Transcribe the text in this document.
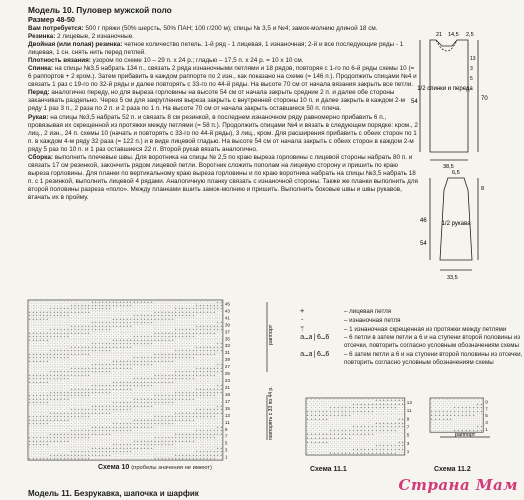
Модель 10. Пуловер мужской поло
Размер 48-50

Вам потребуется: 500 г пряжи (50% шерсть, 50% ПАН; 100 г/200 м); спицы № 3,5 и №4; замок-молнию длиной 18 см.

Резинка: 2 лицевые, 2 изнаночные.

Двойная (или полая) резинка: четное количество петель. 1-й ряд - 1 лицевая, 1 изнаночная; 2-й и все последующие ряды - 1 лицевая, 1 сн. снять нить перед петлей.

Плотность вязания: узором по схеме 10 – 29 п. x 24 р.; гладью – 17,5 п. x 24 р. = 10 x 10 см.

Спинка: на спицы №3,5 набрать 134 п., связать 2 ряда изнаночными петлями и 18 рядов, повторяя с 1-го по 6-й ряды схемы 10 (= 6 раппортов + 2 кром.). Затем прибавить в каждом раппорте по 2 изн., как показано на схеме (= 146 п.). Продолжить спицами №4 и связать 1 раз с 19-го по 32-й ряды и далее повторять с 33-го по 44-й ряды. На высоте 70 см от начала вязания закрыть все петли.

Перед: аналогично переду, но для выреза горловины на высоте 54 см от начала закрыть средние 2 п. и далее обе стороны заканчивать раздельно. Через 5 см для закругления выреза закрыть с внутренней стороны 10 п. и далее закрыть в каждом 2-м ряду 1 раз 3 п., 2 раза по 2 п. и 2 раза по 1 п. На высоте 70 см от начала закрыть оставшиеся 50 п. плеча.

Рукав: на спицы №3,5 набрать 52 п. и связать 8 см резинкой, в последнем изнаночном ряду равномерно прибавить 6 п., провязывая их скрещенной из протяжки между петлями (= 58 п.). Продолжить спицами №4 и вязать в следующем порядке: кром., 2 лиц., 2 изн., 24 п. схемы 10 (начать и повторять с 33-го по 44-й ряды), 3 лиц., кром. Для расширения прибавить с обеих сторон по 1 п. в каждом 4-м ряду 32 раза (= 122 п.) и в виде лицевой гладью. На высоте 54 см от начала закрыть с обеих сторон в каждом 2-м ряду 5 раз по 10 п. и 1 раз оставшиеся 22 п. Второй рукав вязать аналогично.

Сборка: выполнить плечевые швы. Для воротника на спицы № 2,5 по краю выреза горловины с лицевой стороны набрать 80 п. и связать 17 см резинкой, закончить рядом лицевой петли. Воротник сложить пополам на лицевую сторону и пришить по краю выреза горловины. Для планки по вертикальному краю выреза горловины и по краю воротника набрать на спицы №3,5 набрать 18 п. с 1 резинкой, выполнить лицевой 4 рядами. Аналогичную планку связать с изнаночной стороны. Также же планки выполнить для второй половины разреза «поло». Между планками вшить замок-молнию и пришить. Выполнить боковые швы и швы рукавов, втачать их в пройму.

1/2 спинки и переда
21 14,5 2,5
54	70
13
3
5
38,5
1/2 рукава
6,5
46
54
8
33,5
· · · · · · · · · · · · · · · · · · + + + + + + + + + + + + + + + + + + · · · · · · · · · · · · · · · · · · + +
· · · · · · · · · · · · + + + + + + + + + + + + + + + + + + · · · · · · · · · · · · · · · · · · + + + + + + + +
· · · · · · + + + + + + + + + + + + + + + + + + · · · · · · · · · · · · · · · · · · + + + + + + + + + + + + + +
+ + + + + + + + + + + + + + + + + + · · · · · · · · · · · · · · · · · · + + + + + + + + + + + + + + + + + + · ·
+ + + + + + + + + + + + · · · · · · · · · · · · · · · · · · + + + + + + + + + + + + + + + + + + · · · · · · · ·
+ + + + + + · · · · · · · · · · · · · · · · · · + + + + + + + + + + + + + + + + + + · · · · · · · · · · · · · ·
· · · · · · · · · · · · · · · · · · + + + + + + + + + + + + + + + + + + · · · · · · · · · · · · · · · · · · + +
· · · · · · · · · · · · + + + + + + + + + + + + + + + + + + · · · · · · · · · · · · · · · · · · + + + + + + + +
· · · · · · + + + + + + + + + + + + + + + + + + · · · · · · · · · · · · · · · · · · + + + + + + + + + + + + + +
+ + + + + + + + + + + + + + + + + + · · · · · · · · · · · · · · · · · · + + + + + + + + + + + + + + + + + + · ·
+ + + + + + + + + + + + · · · · · · · · · · · · · · · · · · + + + + + + + + + + + + + + + + + + · · · · · · · ·
+ + + + + + · · · · · · · · · · · · · · · · · · + + + + + + + + + + + + + + + + + + · · · · · · · · · · · · · ·
· · · · · · · · · · · · · · · · · · + + + + + + + + + + + + + + + + + + · · · · · · · · · · · · · · · · · · + +
· · · · · · · · · · · · + + + + + + + + + + + + + + + + + + · · · · · · · · · · · · · · · · · · + + + + + + + +
· · · · · · + + + + + + + + + + + + + + + + + + · · · · · · · · · · · · · · · · · · + + + + + + + + + + + + + +
+ + + + + + + + + + + + + + + + + + · · · · · · · · · · · · · · · · · · + + + + + + + + + + + + + + + + + + · ·
+ + + + + + + + + + + + · · · · · · · · · · · · · · · · · · + + + + + + + + + + + + + + + + + + · · · · · · · ·
+ + + + + + · · · · · · · · · · · · · · · · · · + + + + + + + + + + + + + + + + + + · · · · · · · · · · · · · ·
· · · · · · · · · · · · · · · · · · + + + + + + + + + + + + + + + + + + · · · · · · · · · · · · · · · · · · + +
· · · · · · · · · · · · + + + + + + + + + + + + + + + + + + · · · · · · · · · · · · · · · · · · + + + + + + + +
· · · · · · + + + + + + + + + + + + + + + + + + · · · · · · · · · · · · · · · · · · + + + + + + + + + + + + + +
+ + + + + + + + + + + + + + + + + + · · · · · · · · · · · · · · · · · · + + + + + + + + + + + + + + + + + + · ·
+ + + + + + + + + + + + · · · · · · · · · · · · · · · · · · + + + + + + + + + + + + + + + + + + · · · · · · · ·
+ + + + + + · · · · · · · · · · · · · · · · · · + + + + + + + + + + + + + + + + + + · · · · · · · · · · · · · ·
· · · · · · · · · · · · · · · · · · + + + + + + + + + + + + + + + + + + · · · · · · · · · · · · · · · · · · + +
· · · · · · · · · · · · + + + + + + + + + + + + + + + + + + · · · · · · · · · · · · · · · · · · + + + + + + + +
· · · · · · + + + + + + + + + + + + + + + + + + · · · · · · · · · · · · · · · · · · + + + + + + + + + + + + + +
+ + + + + + + + + + + + + + + + + + · · · · · · · · · · · · · · · · · · + + + + + + + + + + + + + + + + + + · ·
+ + + + + + + + + + + + · · · · · · · · · · · · · · · · · · + + + + + + + + + + + + + + + + + + · · · · · · · ·
+ + + + + + · · · · · · · · · · · · · · · · · · + + + + + + + + + + + + + + + + + + · · · · · · · · · · · · · ·
· · · · · · · · · · · · · · · · · · + + + + + + + + + + + + + + + + + + · · · · · · · · · · · · · · · · · · + +
· · · · · · · · · · · · + + + + + + + + + + + + + + + + + + · · · · · · · · · · · · · · · · · · + + + + + + + +
· · · · · · + + + + + + + + + + + + + + + + + + · · · · · · · · · · · · · · · · · · + + + + + + + + + + + + + +
+ + + + + + + + + + + + + + + + + + · · · · · · · · · · · · · · · · · · + + + + + + + + + + + + + + + + + + · ·
+ + + + + + + + + + + + · · · · · · · · · · · · · · · · · · + + + + + + + + + + + + + + + + + + · · · · · · · ·
+ + + + + + · · · · · · · · · · · · · · · · · · + + + + + + + + + + + + + + + + + + · · · · · · · · · · · · · ·
· · · · · · · · · · · · · · · · · · + + + + + + + + + + + + + + + + + + · · · · · · · · · · · · · · · · · · + +
· · · · · · · · · · · · + + + + + + + + + + + + + + + + + + · · · · · · · · · · · · · · · · · · + + + + + + + +
· · · · · · + + + + + + + + + + + + + + + + + + · · · · · · · · · · · · · · · · · · + + + + + + + + + + + + + +
+ + + + + + + + + + + + + + + + + + · · · · · · · · · · · · · · · · · · + + + + + + + + + + + + + + + + + + · ·
+ + + + + + + + + + + + · · · · · · · · · · · · · · · · · · + + + + + + + + + + + + + + + + + + · · · · · · · ·
+ + + + + + · · · · · · · · · · · · · · · · · · + + + + + + + + + + + + + + + + + + · · · · · · · · · · · · · ·
· · · · · · · · · · · · · · · · · · + + + + + + + + + + + + + + + + + + · · · · · · · · · · · · · · · · · · + +
· · · · · · · · · · · · + + + + + + + + + + + + + + + + + + · · · · · · · · · · · · · · · · · · + + + + + + + +
· · · · · · + + + + + + + + + + + + + + + + + + · · · · · · · · · · · · · · · · · · + + + + + + + + + + + + + +
+ + + + + + + + + + + + + + + + + + · · · · · · · · · · · · · · · · · · + + + + + + + + + + + + + + + + + + · ·
45
43
41
39
37
35
33
31
29
27
25
23
21
19
17
15
13
11
9
7
5
3
1
раппорт
повторять с 33 по 44 р.	· · · · · · · · · · · · · · · · · · + + + + + + + +
· · · · · · · · · · · · + + + + + + + + + + + + + +
· · · · · · + + + + + + + + + + + + + + + + + + · ·
+ + + + + + + + + + + + + + + + + + · · · · · · · ·
+ + + + + + + + + + + + · · · · · · · · · · · · · ·
+ + + + + + · · · · · · · · · · · · · · · · · · + +
· · · · · · · · · · · · · · · · · · + + + + + + + +
· · · · · · · · · · · · + + + + + + + + + + + + + +
· · · · · · + + + + + + + + + + + + + + + + + + · ·
+ + + + + + + + + + + + + + + + + + · · · · · · · ·
+ + + + + + + + + + + + · · · · · · · · · · · · · ·
+ + + + + + · · · · · · · · · · · · · · · · · · + +
· · · · · · · · · · · · · · · · · · + + + + + + + +
· · · · · · · · · · · · + + + + + + + + + + + + + +
· · · · · · + + + + + + + + + + + + + + + + + + · ·
13
11
9
7
5
3
1
· · · · · · · · · · · · · ·
· · · · · · · · · · · · + +
· · · · · · + + + + + + + +
+ + + + + + + + + + + + + +
+ + + + + + + + + + + + · ·
+ + + + + + · · · · · · · ·
· · · · · · · · · · · · · ·
· · · · · · · · · · · · + +
· · · · · · + + + + + + + +
9
7
5
3
1
раппорт
+	– лицевая петля
·	– изнаночная петля
ᛘ	– 1 изнаночная скрещенная из протяжки между петлями
a…a|6…6	– 6 петли в затем петли а 6 и на ступени второй половины из отсечки, повторить согласно условным обозначениям схемы
a…a|6…6	– 6 затем петли а 6 и на ступени второй половины из отсечки, повторить согласно условным обозначениям схемы
Схема 10 (пробелы значения не имеют)	Схема 11.1	Схема 11.2
Модель 11. Безрукавка, шапочка и шарфик	Страна Мам
